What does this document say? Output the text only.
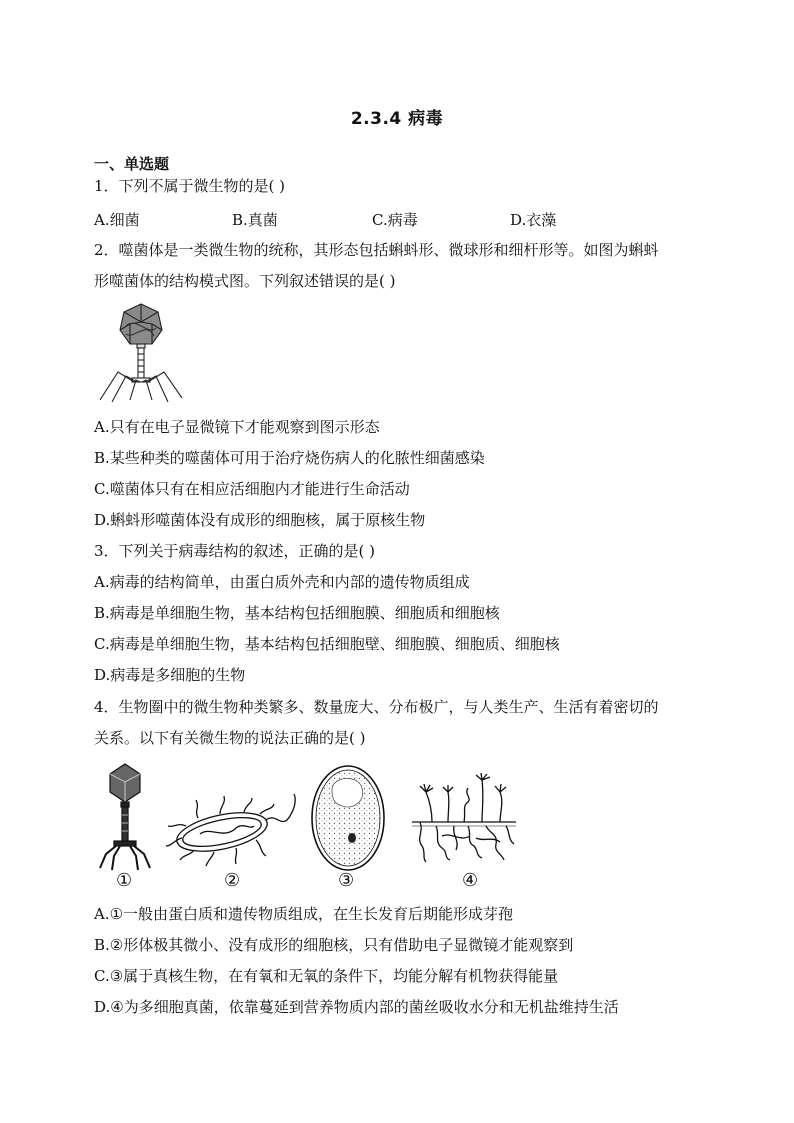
2.3.4 病毒
一、单选题
1．下列不属于微生物的是( )
A.细菌	B.真菌	C.病毒	D.衣藻
2．噬菌体是一类微生物的统称，其形态包括蝌蚪形、微球形和细杆形等。如图为蝌蚪
形噬菌体的结构模式图。下列叙述错误的是( )
A.只有在电子显微镜下才能观察到图示形态
B.某些种类的噬菌体可用于治疗烧伤病人的化脓性细菌感染
C.噬菌体只有在相应活细胞内才能进行生命活动
D.蝌蚪形噬菌体没有成形的细胞核，属于原核生物
3．下列关于病毒结构的叙述，正确的是( )
A.病毒的结构简单，由蛋白质外壳和内部的遗传物质组成
B.病毒是单细胞生物，基本结构包括细胞膜、细胞质和细胞核
C.病毒是单细胞生物，基本结构包括细胞壁、细胞膜、细胞质、细胞核
D.病毒是多细胞的生物
4．生物圈中的微生物种类繁多、数量庞大、分布极广，与人类生产、生活有着密切的
关系。以下有关微生物的说法正确的是( )
①	②	③	④
A.①一般由蛋白质和遗传物质组成，在生长发育后期能形成芽孢
B.②形体极其微小、没有成形的细胞核，只有借助电子显微镜才能观察到
C.③属于真核生物，在有氧和无氧的条件下，均能分解有机物获得能量
D.④为多细胞真菌，依靠蔓延到营养物质内部的菌丝吸收水分和无机盐维持生活
